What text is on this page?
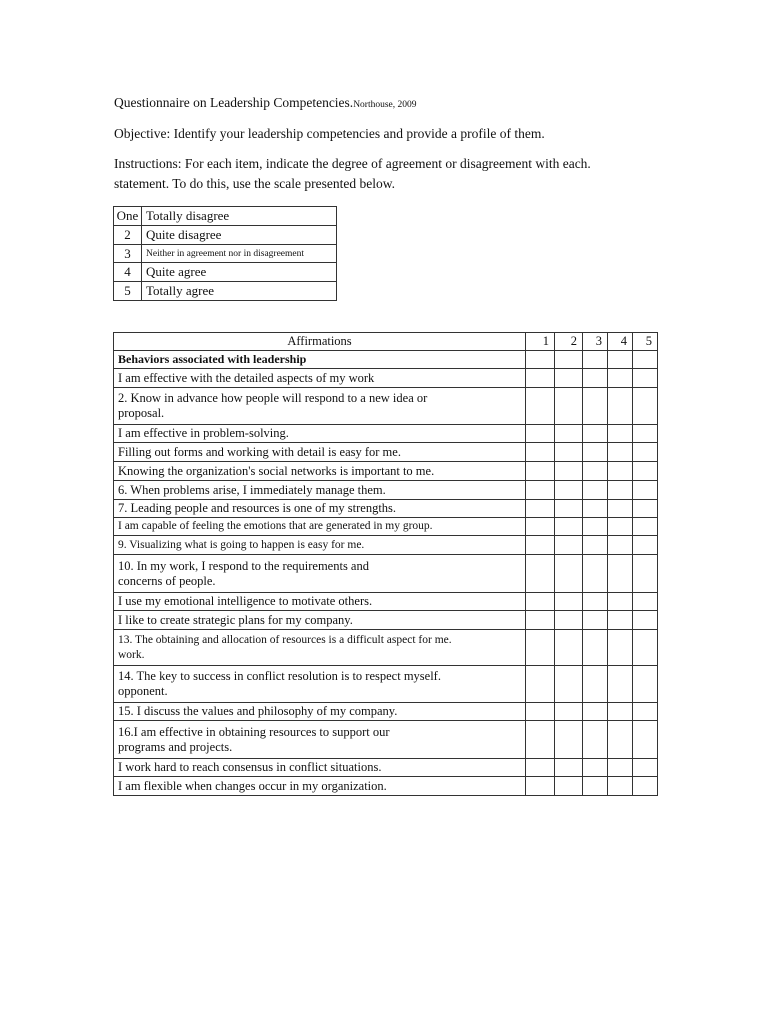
Questionnaire on Leadership Competencies.Northouse, 2009
Objective: Identify your leadership competencies and provide a profile of them.
Instructions: For each item, indicate the degree of agreement or disagreement with each.
statement. To do this, use the scale presented below.
One	Totally disagree
2	Quite disagree
3	Neither in agreement nor in disagreement
4	Quite agree
5	Totally agree
Affirmations	1	2	3	4	5
Behaviors associated with leadership					

I am effective with the detailed aspects of my work					

2. Know in advance how people will respond to a new idea or
proposal.					

I am effective in problem-solving.					

Filling out forms and working with detail is easy for me.					

Knowing the organization's social networks is important to me.					

6. When problems arise, I immediately manage them.					

7. Leading people and resources is one of my strengths.					

I am capable of feeling the emotions that are generated in my group.					

9. Visualizing what is going to happen is easy for me.					

10. In my work, I respond to the requirements and
concerns of people.					

I use my emotional intelligence to motivate others.					

I like to create strategic plans for my company.					

13. The obtaining and allocation of resources is a difficult aspect for me.
work.					

14. The key to success in conflict resolution is to respect myself.
opponent.					

15. I discuss the values and philosophy of my company.					

16.I am effective in obtaining resources to support our
programs and projects.					

I work hard to reach consensus in conflict situations.					

I am flexible when changes occur in my organization.					
